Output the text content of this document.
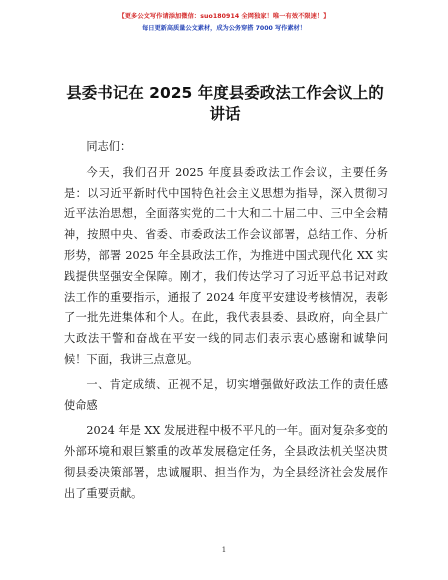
【更多公文写作请添加微信：suo180914 全网独家！唯一有效不限速！】
每日更新高质量公文素材，成为公务穿搭 7000 写作素材！
县委书记在 2025 年度县委政法工作会议上的讲话

同志们：

今天，我们召开 2025 年度县委政法工作会议，主要任务是：以习近平新时代中国特色社会主义思想为指导，深入贯彻习近平法治思想，全面落实党的二十大和二十届二中、三中全会精神，按照中央、省委、市委政法工作会议部署，总结工作、分析形势，部署 2025 年全县政法工作，为推进中国式现代化 XX 实践提供坚强安全保障。刚才，我们传达学习了习近平总书记对政法工作的重要指示，通报了 2024 年度平安建设考核情况，表彰了一批先进集体和个人。在此，我代表县委、县政府，向全县广大政法干警和奋战在平安一线的同志们表示衷心感谢和诚挚问候！下面，我讲三点意见。

一、肯定成绩、正视不足，切实增强做好政法工作的责任感使命感

2024 年是 XX 发展进程中极不平凡的一年。面对复杂多变的外部环境和艰巨繁重的改革发展稳定任务，全县政法机关坚决贯彻县委决策部署，忠诚履职、担当作为，为全县经济社会发展作出了重要贡献。

1
